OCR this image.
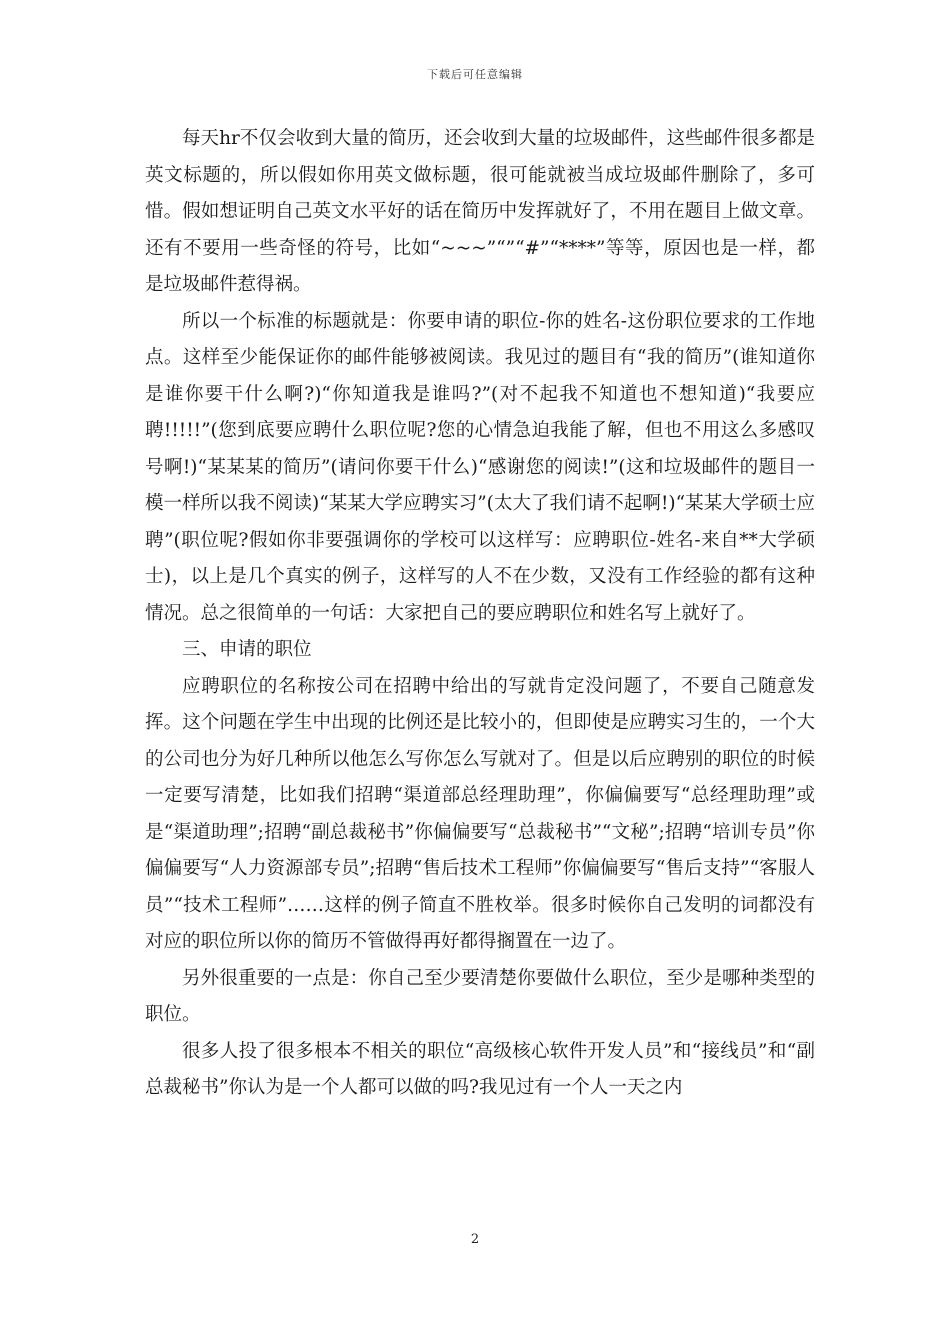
下载后可任意编辑

每天hr不仅会收到大量的简历，还会收到大量的垃圾邮件，这些邮件很多都是英文标题的，所以假如你用英文做标题，很可能就被当成垃圾邮件删除了，多可惜。假如想证明自己英文水平好的话在简历中发挥就好了，不用在题目上做文章。还有不要用一些奇怪的符号，比如“~~~”“”“#”“****”等等，原因也是一样，都是垃圾邮件惹得祸。

所以一个标准的标题就是：你要申请的职位-你的姓名-这份职位要求的工作地点。这样至少能保证你的邮件能够被阅读。我见过的题目有“我的简历”(谁知道你是谁你要干什么啊?)“你知道我是谁吗?”(对不起我不知道也不想知道)“我要应聘!!!!!”(您到底要应聘什么职位呢?您的心情急迫我能了解，但也不用这么多感叹号啊!)“某某某的简历”(请问你要干什么)“感谢您的阅读!”(这和垃圾邮件的题目一模一样所以我不阅读)“某某大学应聘实习”(太大了我们请不起啊!)“某某大学硕士应聘”(职位呢?假如你非要强调你的学校可以这样写：应聘职位-姓名-来自**大学硕士)，以上是几个真实的例子，这样写的人不在少数，又没有工作经验的都有这种情况。总之很简单的一句话：大家把自己的要应聘职位和姓名写上就好了。

三、申请的职位

应聘职位的名称按公司在招聘中给出的写就肯定没问题了，不要自己随意发挥。这个问题在学生中出现的比例还是比较小的，但即使是应聘实习生的，一个大的公司也分为好几种所以他怎么写你怎么写就对了。但是以后应聘别的职位的时候一定要写清楚，比如我们招聘“渠道部总经理助理”，你偏偏要写“总经理助理”或是“渠道助理”;招聘“副总裁秘书”你偏偏要写“总裁秘书”“文秘”;招聘“培训专员”你偏偏要写“人力资源部专员”;招聘“售后技术工程师”你偏偏要写“售后支持”“客服人员”“技术工程师”……这样的例子简直不胜枚举。很多时候你自己发明的词都没有对应的职位所以你的简历不管做得再好都得搁置在一边了。

另外很重要的一点是：你自己至少要清楚你要做什么职位，至少是哪种类型的职位。

很多人投了很多根本不相关的职位“高级核心软件开发人员”和“接线员”和“副总裁秘书”你认为是一个人都可以做的吗?我见过有一个人一天之内

2
